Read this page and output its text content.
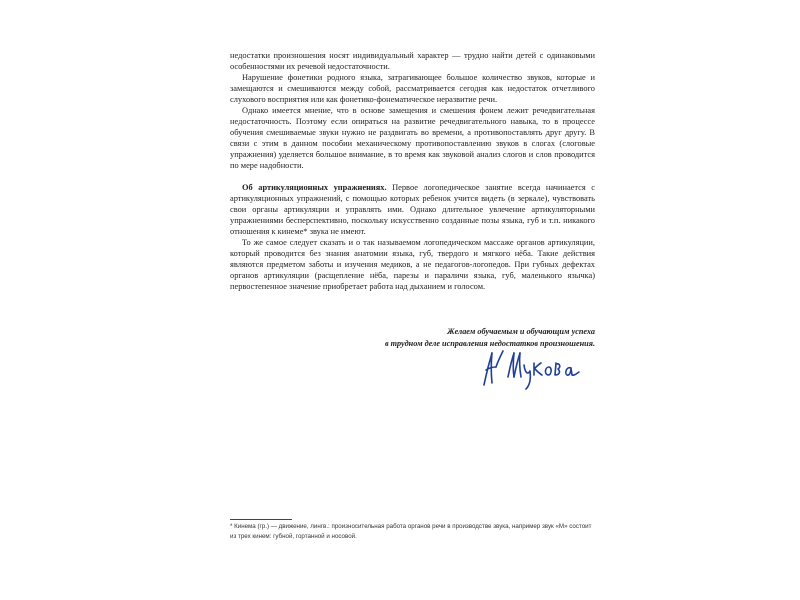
недостатки произношения носят индивидуальный характер — трудно найти детей с одинаковыми особенностями их речевой недостаточности.

Нарушение фонетики родного языка, затрагивающее большое количество звуков, которые и замещаются и смешиваются между собой, рассматривается сегодня как недостаток отчетливого слухового восприятия или как фонетико-фонематическое неразвитие речи.

Однако имеется мнение, что в основе замещения и смешения фонем лежит речедвигательная недостаточность. Поэтому если опираться на развитие речедвигательного навыка, то в процессе обучения смешиваемые звуки нужно не раздвигать во времени, а противопоставлять друг другу. В связи с этим в данном пособии механическому противопоставлению звуков в слогах (слоговые упражнения) уделяется большое внимание, в то время как звуковой анализ слогов и слов проводится по мере надобности.

Об артикуляционных упражнениях. Первое логопедическое занятие всегда начинается с артикуляционных упражнений, с помощью которых ребенок учится видеть (в зеркале), чувствовать свои органы артикуляции и управлять ими. Однако длительное увлечение артикуляторными упражнениями бесперспективно, поскольку искусственно созданные позы языка, губ и т.п. никакого отношения к кинеме* звука не имеют.

То же самое следует сказать и о так называемом логопедическом массаже органов артикуляции, который проводится без знания анатомии языка, губ, твердого и мягкого нёба. Такие действия являются предметом заботы и изучения медиков, а не педагогов-логопедов. При губных дефектах органов артикуляции (расщепление нёба, парезы и параличи языка, губ, маленького язычка) первостепенное значение приобретает работа над дыханием и голосом.

Желаем обучаемым и обучающим успеха
в трудном деле исправления недостатков произношения.
* Кинема (гр.) — движение, лингв.: произносительная работа органов речи в производстве звука, например звук «М» состоит из трех кинем: губной, гортанной и носовой.
